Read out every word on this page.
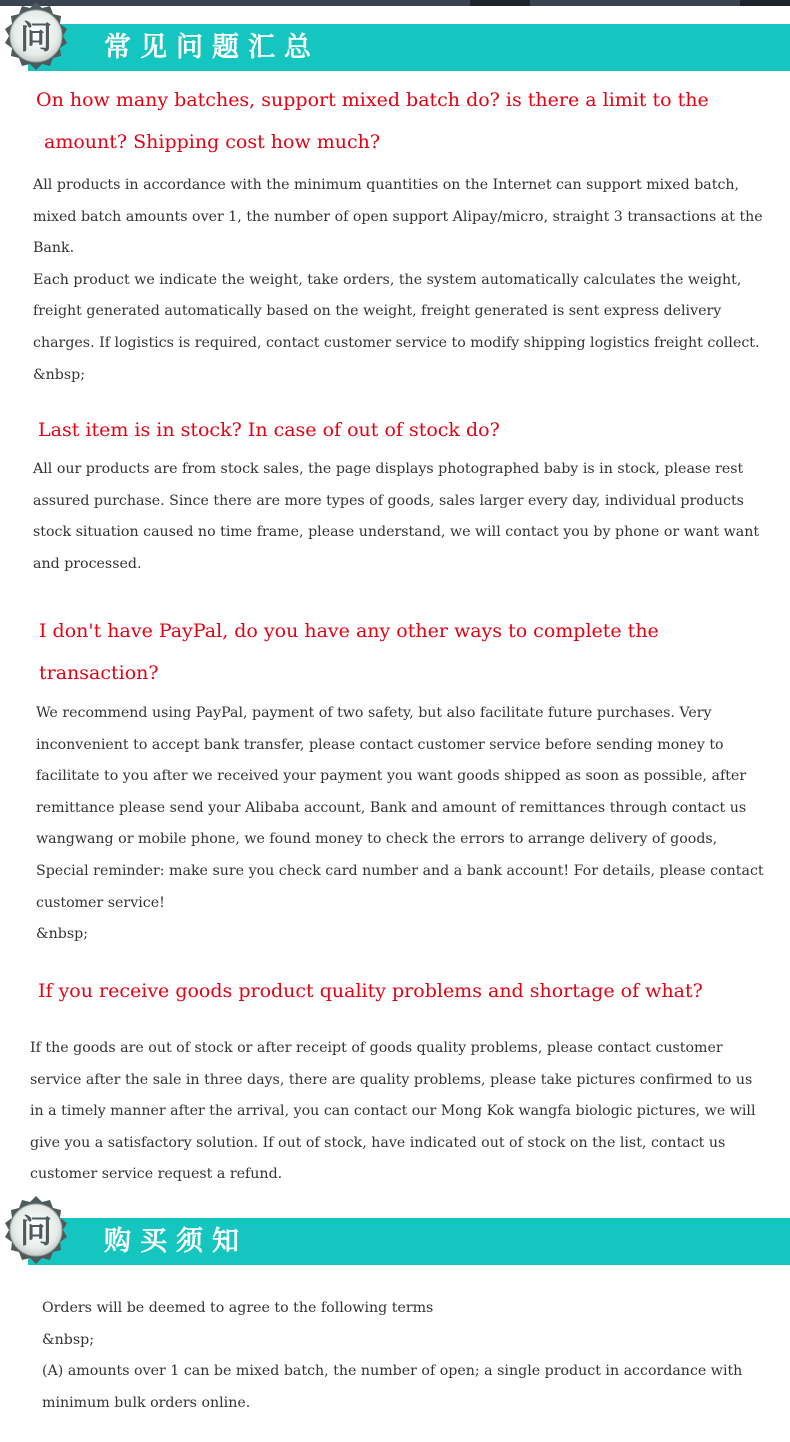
问 常见问题汇总
On how many batches, support mixed batch do? is there a limit to the
amount? Shipping cost how much?
All products in accordance with the minimum quantities on the Internet can support mixed batch,
mixed batch amounts over 1, the number of open support Alipay/micro, straight 3 transactions at the
Bank.
Each product we indicate the weight, take orders, the system automatically calculates the weight,
freight generated automatically based on the weight, freight generated is sent express delivery
charges. If logistics is required, contact customer service to modify shipping logistics freight collect.
&nbsp;
Last item is in stock? In case of out of stock do?
All our products are from stock sales, the page displays photographed baby is in stock, please rest
assured purchase. Since there are more types of goods, sales larger every day, individual products
stock situation caused no time frame, please understand, we will contact you by phone or want want
and processed.
I don't have PayPal, do you have any other ways to complete the
transaction?
We recommend using PayPal, payment of two safety, but also facilitate future purchases. Very
inconvenient to accept bank transfer, please contact customer service before sending money to
facilitate to you after we received your payment you want goods shipped as soon as possible, after
remittance please send your Alibaba account, Bank and amount of remittances through contact us
wangwang or mobile phone, we found money to check the errors to arrange delivery of goods,
Special reminder: make sure you check card number and a bank account! For details, please contact
customer service!
&nbsp;
If you receive goods product quality problems and shortage of what?
If the goods are out of stock or after receipt of goods quality problems, please contact customer
service after the sale in three days, there are quality problems, please take pictures confirmed to us
in a timely manner after the arrival, you can contact our Mong Kok wangfa biologic pictures, we will
give you a satisfactory solution. If out of stock, have indicated out of stock on the list, contact us
customer service request a refund.
问 购买须知
Orders will be deemed to agree to the following terms
&nbsp;
(A) amounts over 1 can be mixed batch, the number of open; a single product in accordance with
minimum bulk orders online.
